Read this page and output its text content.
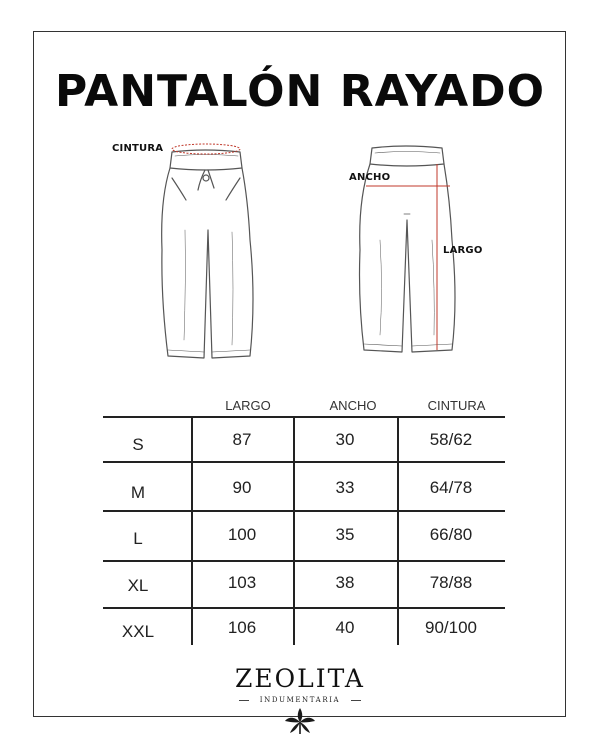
PANTALÓN RAYADO
CINTURA
ANCHO
LARGO
LARGO	ANCHO	CINTURA
S	87	30	58/62
M	90	33	64/78
L	100	35	66/80
XL	103	38	78/88
XXL	106	40	90/100
ZEOLITA
INDUMENTARIA
